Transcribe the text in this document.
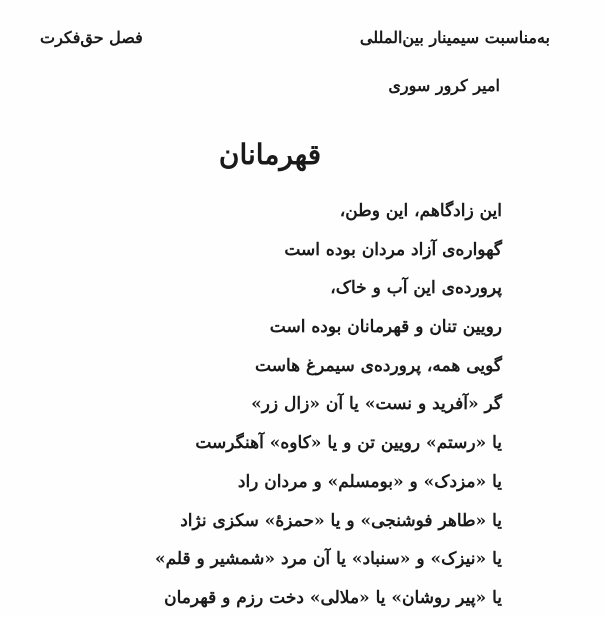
به‌مناسبت سیمینار بین‌المللی
فصل حق‌فکرت
امیر کرور سوری
قهرمانان
این زادگاهم، این وطن،
گهواره‌ی آزاد مردان بوده است
پرورده‌ی این آب و خاک،
رویین تنان و قهرمانان بوده است
گویی همه، پرورده‌ی سیمرغ هاست
گر «آفرید و نست» یا آن «زال زر»
یا «رستم» رویین تن و یا «کاوه» آهنگرست
یا «مزدک» و «بومسلم» و مردان راد
یا «طاهر فوشنجی» و یا «حمزهٔ» سکزی نژاد
یا «نیزک» و «سنباد» یا آن مرد «شمشیر و قلم»
یا «پیر روشان» یا «ملالی» دخت رزم و قهرمان
